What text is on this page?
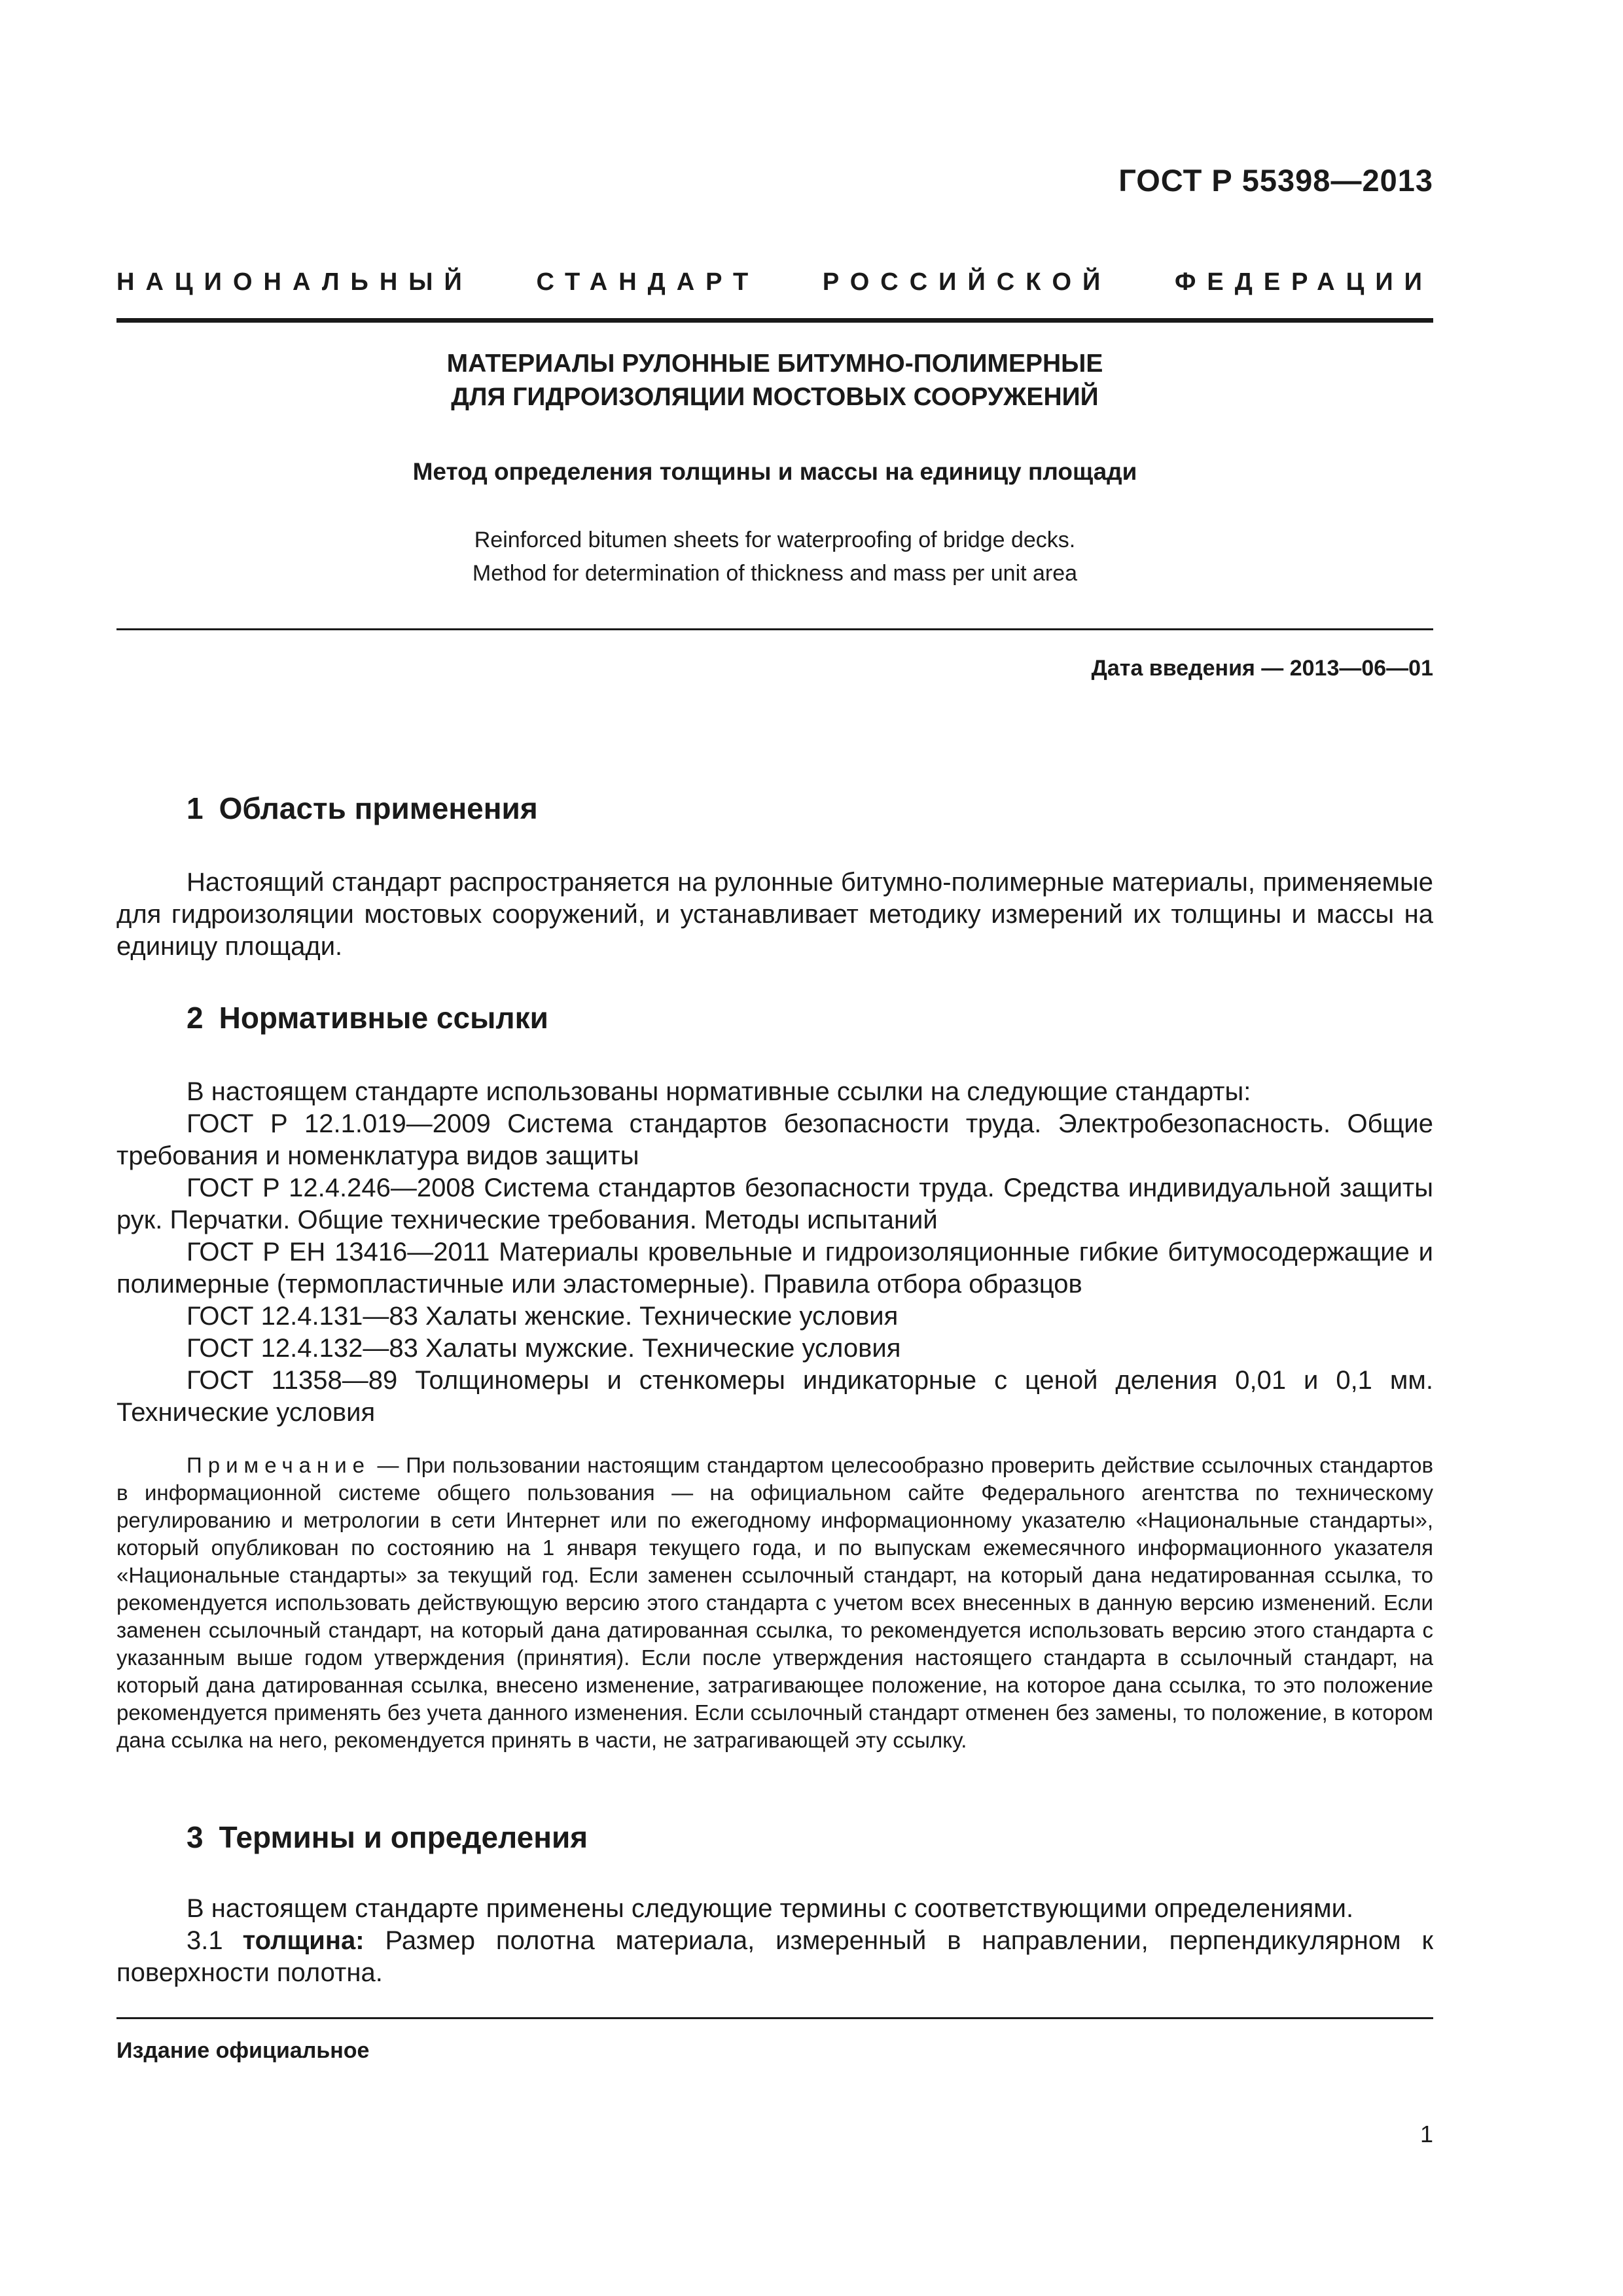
ГОСТ Р 55398—2013
НАЦИОНАЛЬНЫЙ	СТАНДАРТ	РОССИЙСКОЙ	ФЕДЕРАЦИИ
МАТЕРИАЛЫ РУЛОННЫЕ БИТУМНО-ПОЛИМЕРНЫЕ
ДЛЯ ГИДРОИЗОЛЯЦИИ МОСТОВЫХ СООРУЖЕНИЙ
Метод определения толщины и массы на единицу площади
Reinforced bitumen sheets for waterproofing of bridge decks.
Method for determination of thickness and mass per unit area
Дата введения — 2013—06—01
1 Область применения

Настоящий стандарт распространяется на рулонные битумно-полимерные материалы, применяемые для гидроизоляции мостовых сооружений, и устанавливает методику измерений их толщины и массы на единицу площади.

2 Нормативные ссылки

В настоящем стандарте использованы нормативные ссылки на следующие стандарты:

ГОСТ Р 12.1.019—2009 Система стандартов безопасности труда. Электробезопасность. Общие требования и номенклатура видов защиты

ГОСТ Р 12.4.246—2008 Система стандартов безопасности труда. Средства индивидуальной защиты рук. Перчатки. Общие технические требования. Методы испытаний

ГОСТ Р ЕН 13416—2011 Материалы кровельные и гидроизоляционные гибкие битумосодержащие и полимерные (термопластичные или эластомерные). Правила отбора образцов

ГОСТ 12.4.131—83 Халаты женские. Технические условия

ГОСТ 12.4.132—83 Халаты мужские. Технические условия

ГОСТ 11358—89 Толщиномеры и стенкомеры индикаторные с ценой деления 0,01 и 0,1 мм. Технические условия

Примечание — При пользовании настоящим стандартом целесообразно проверить действие ссылочных стандартов в информационной системе общего пользования — на официальном сайте Федерального агентства по техническому регулированию и метрологии в сети Интернет или по ежегодному информационному указателю «Национальные стандарты», который опубликован по состоянию на 1 января текущего года, и по выпускам ежемесячного информационного указателя «Национальные стандарты» за текущий год. Если заменен ссылочный стандарт, на который дана недатированная ссылка, то рекомендуется использовать действующую версию этого стандарта с учетом всех внесенных в данную версию изменений. Если заменен ссылочный стандарт, на который дана датированная ссылка, то рекомендуется использовать версию этого стандарта с указанным выше годом утверждения (принятия). Если после утверждения настоящего стандарта в ссылочный стандарт, на который дана датированная ссылка, внесено изменение, затрагивающее положение, на которое дана ссылка, то это положение рекомендуется применять без учета данного изменения. Если ссылочный стандарт отменен без замены, то положение, в котором дана ссылка на него, рекомендуется принять в части, не затрагивающей эту ссылку.

3 Термины и определения

В настоящем стандарте применены следующие термины с соответствующими определениями.

3.1 толщина: Размер полотна материала, измеренный в направлении, перпендикулярном к поверхности полотна.

Издание официальное
1
